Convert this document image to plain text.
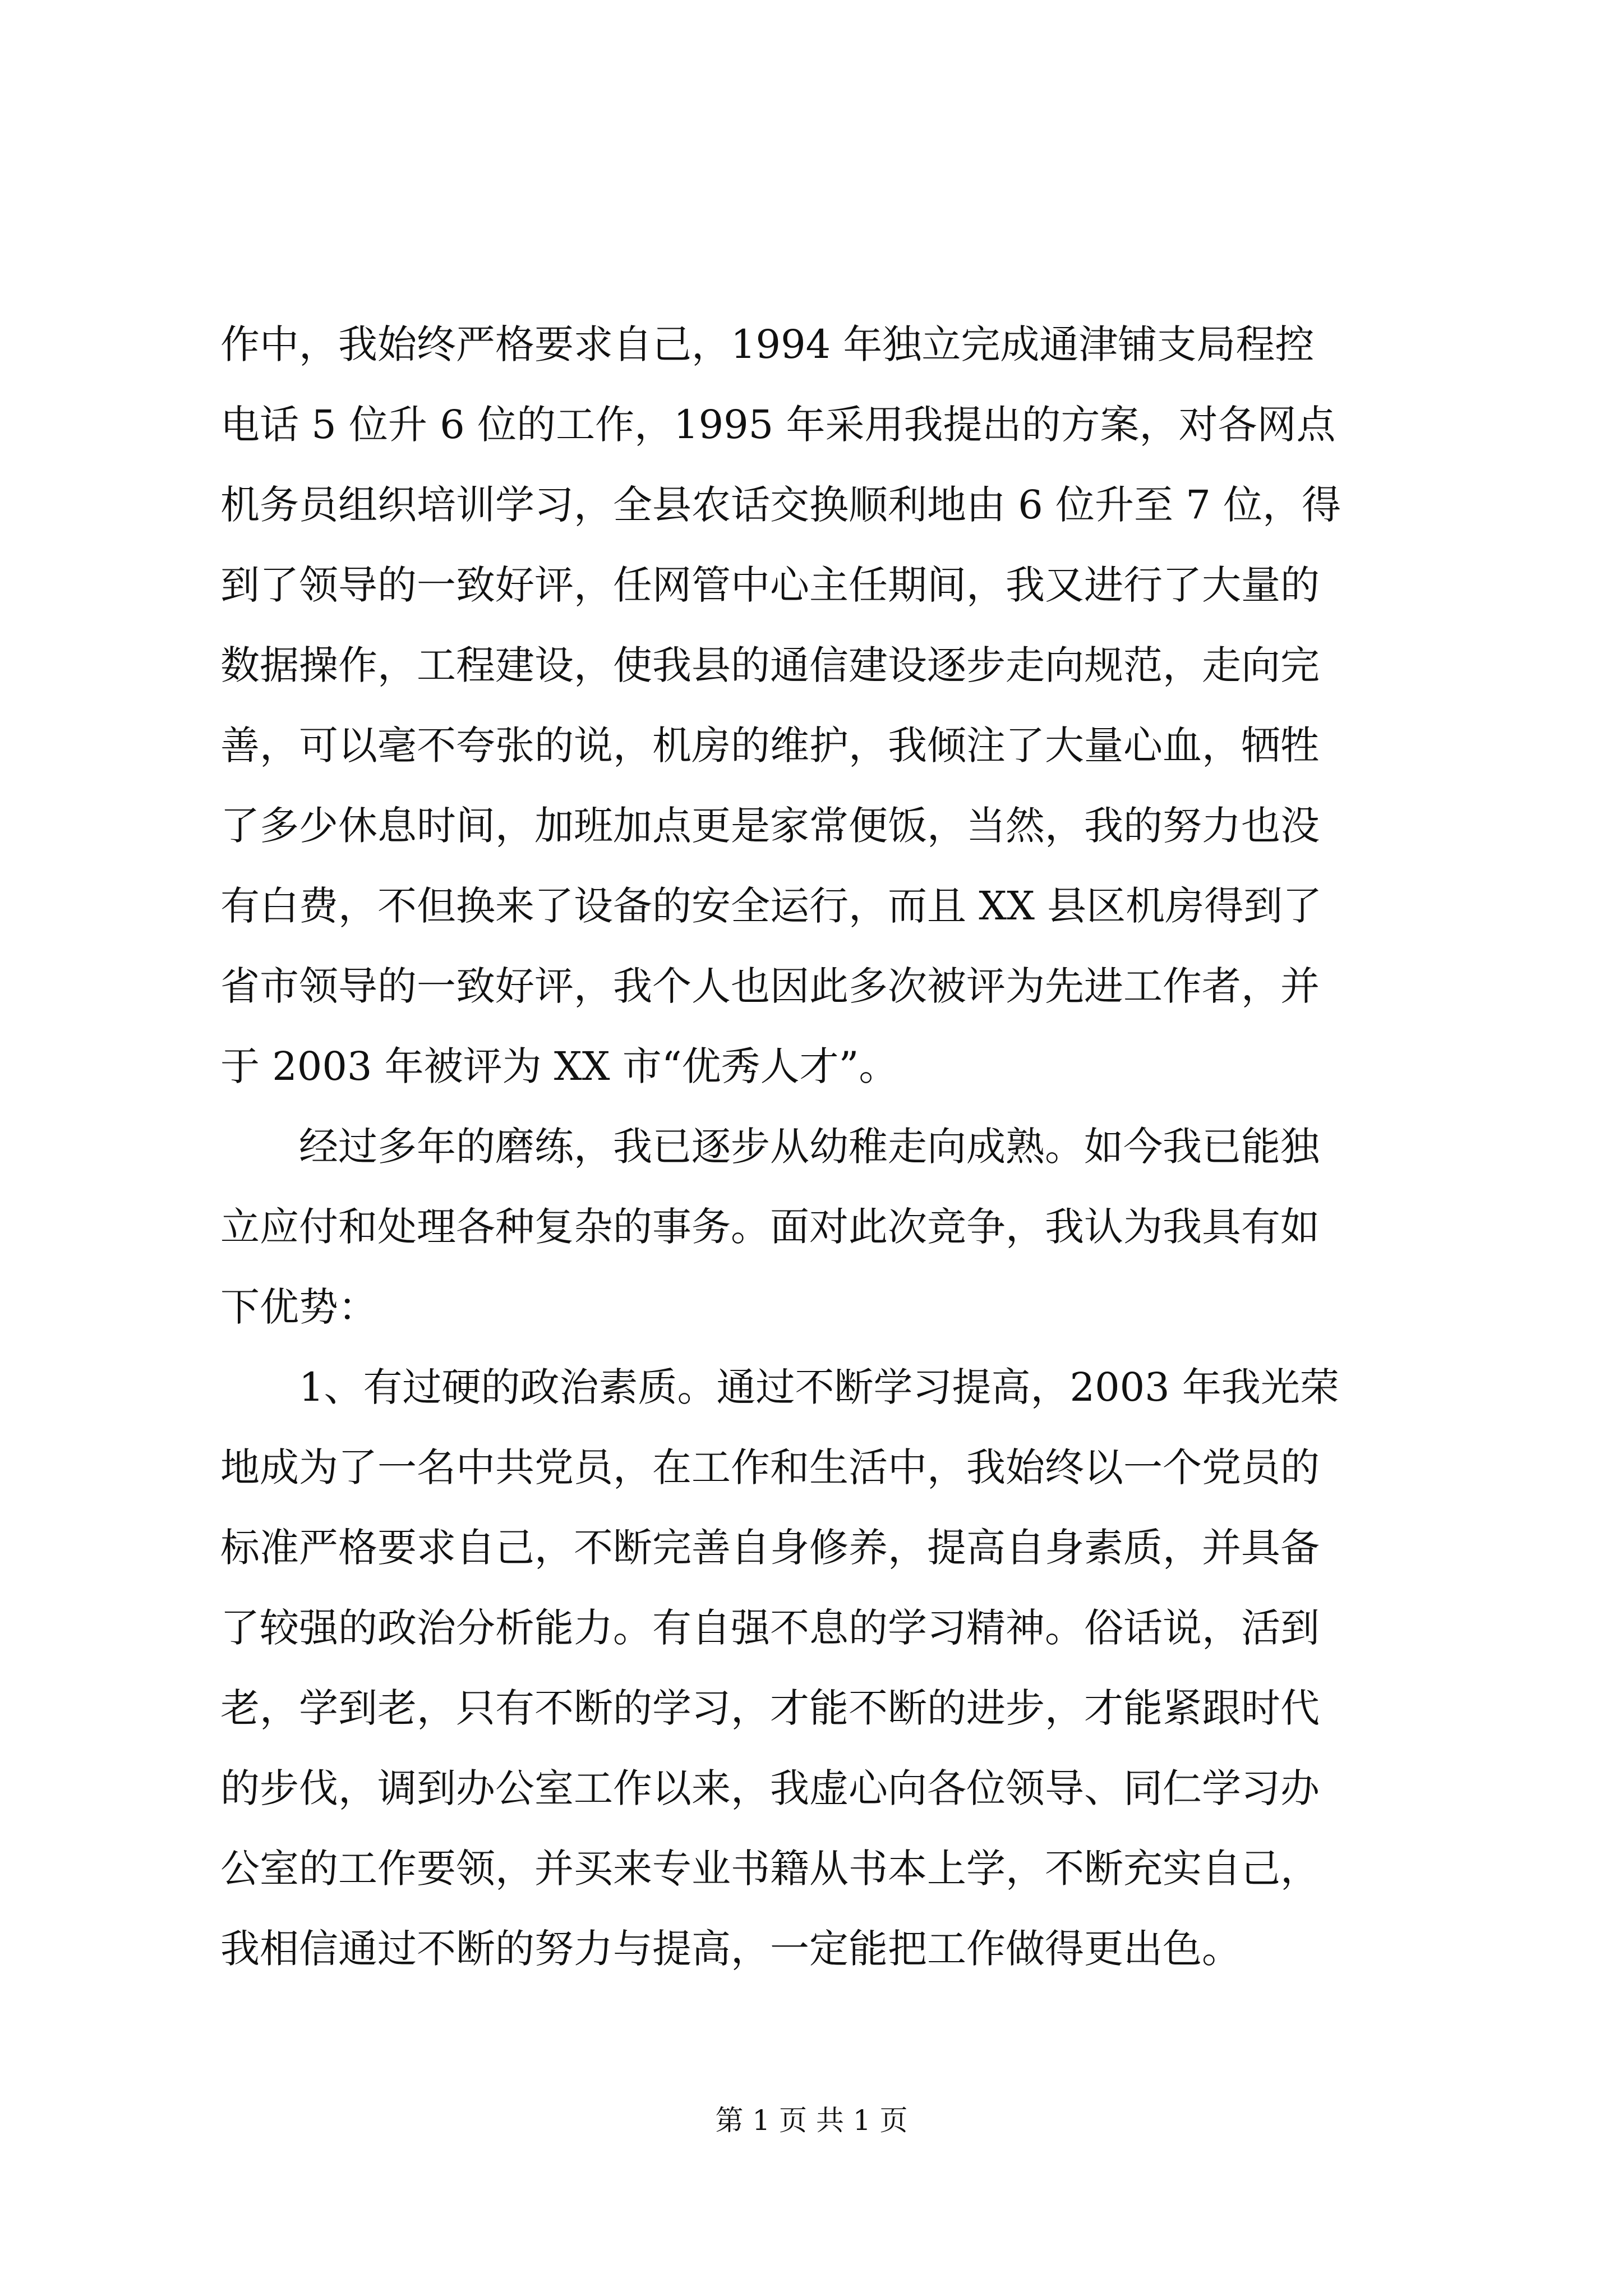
作中，我始终严格要求自己，1994 年独立完成通津铺支局程控
电话 5 位升 6 位的工作，1995 年采用我提出的方案，对各网点
机务员组织培训学习，全县农话交换顺利地由 6 位升至 7 位，得
到了领导的一致好评，任网管中心主任期间，我又进行了大量的
数据操作，工程建设，使我县的通信建设逐步走向规范，走向完
善，可以毫不夸张的说，机房的维护，我倾注了大量心血，牺牲
了多少休息时间，加班加点更是家常便饭，当然，我的努力也没
有白费，不但换来了设备的安全运行，而且 XX 县区机房得到了
省市领导的一致好评，我个人也因此多次被评为先进工作者，并
于 2003 年被评为 XX 市“优秀人才”。
　　经过多年的磨练，我已逐步从幼稚走向成熟。如今我已能独
立应付和处理各种复杂的事务。面对此次竞争，我认为我具有如
下优势：
　　1、有过硬的政治素质。通过不断学习提高，2003 年我光荣
地成为了一名中共党员，在工作和生活中，我始终以一个党员的
标准严格要求自己，不断完善自身修养，提高自身素质，并具备
了较强的政治分析能力。有自强不息的学习精神。俗话说，活到
老，学到老，只有不断的学习，才能不断的进步，才能紧跟时代
的步伐，调到办公室工作以来，我虚心向各位领导、同仁学习办
公室的工作要领，并买来专业书籍从书本上学，不断充实自己，
我相信通过不断的努力与提高，一定能把工作做得更出色。
第 1 页 共 1 页
